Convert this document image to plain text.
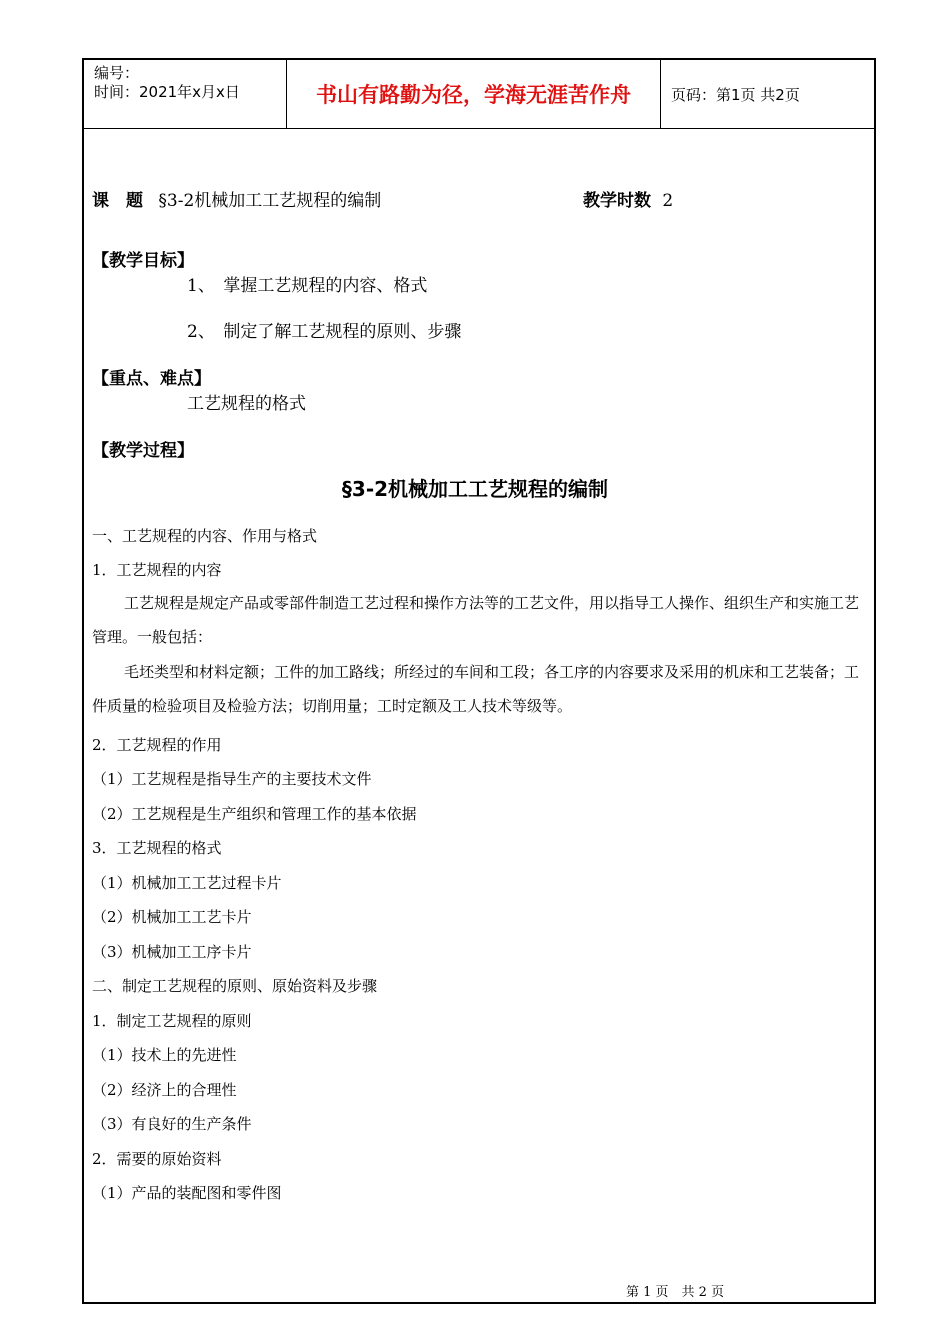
编号：
时间：2021年x月x日	书山有路勤为径，学海无涯苦作舟	页码：第1页 共2页
课　题 §3-2机械加工工艺规程的编制	教学时数 2
【教学目标】
1、　掌握工艺规程的内容、格式
2、　制定了解工艺规程的原则、步骤
【重点、难点】
工艺规程的格式
【教学过程】
§3-2机械加工工艺规程的编制
一、工艺规程的内容、作用与格式
1．工艺规程的内容
工艺规程是规定产品或零部件制造工艺过程和操作方法等的工艺文件，用以指导工人操作、组织生产和实施工艺管理。一般包括：
毛坯类型和材料定额；工件的加工路线；所经过的车间和工段；各工序的内容要求及采用的机床和工艺装备；工件质量的检验项目及检验方法；切削用量；工时定额及工人技术等级等。
2．工艺规程的作用
（1）工艺规程是指导生产的主要技术文件
（2）工艺规程是生产组织和管理工作的基本依据
3．工艺规程的格式
（1）机械加工工艺过程卡片
（2）机械加工工艺卡片
（3）机械加工工序卡片
二、制定工艺规程的原则、原始资料及步骤
1．制定工艺规程的原则
（1）技术上的先进性
（2）经济上的合理性
（3）有良好的生产条件
2．需要的原始资料
（1）产品的装配图和零件图
第 1 页　共 2 页
